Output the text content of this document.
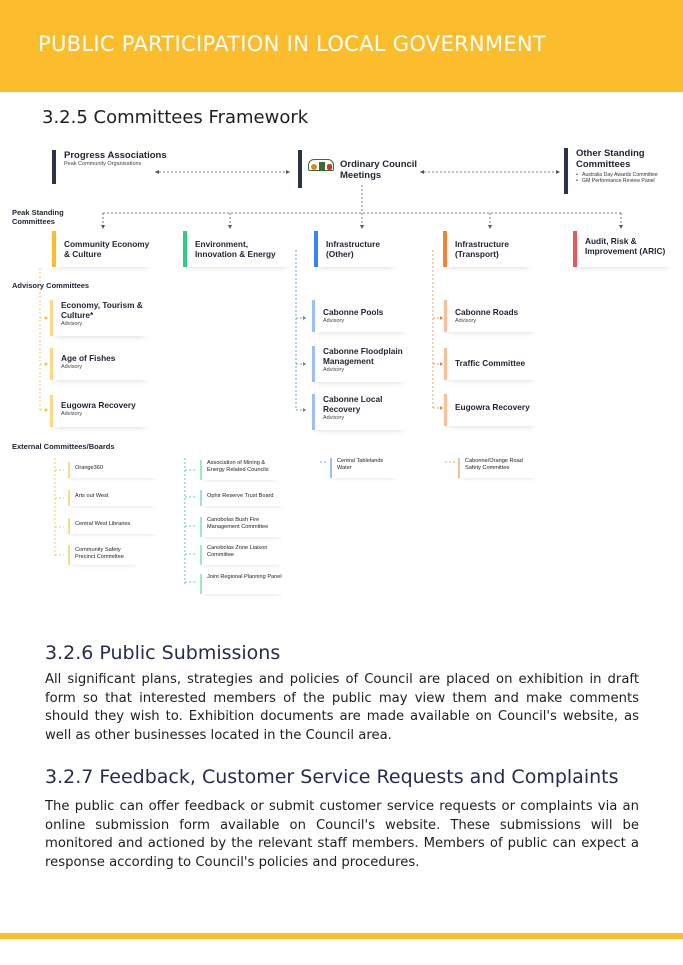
PUBLIC PARTICIPATION IN LOCAL GOVERNMENT
3.2.5 Committees Framework
Progress Associations
Peak Community Organisations	Ordinary Council Meetings
Other Standing Committees
• Australia Day Awards Committee
• GM Performance Review Panel
Peak Standing Committees
Advisory Committees
External Committees/Boards
Community Economy & Culture
Environment, Innovation & Energy
Infrastructure (Other)
Infrastructure (Transport)
Audit, Risk & Improvement (ARIC)
Economy, Tourism & Culture*
Advisory
Age of Fishes
Advisory
Eugowra Recovery
Advisory
Cabonne Pools
Advisory
Cabonne Floodplain Management
Advisory
Cabonne Local Recovery
Advisory
Cabonne Roads
Advisory
Traffic Committee
Eugowra Recovery
Orange360
Arts out West
Central West Libraries
Community Safety Precinct Committee
Association of Mining & Energy Related Councils
Ophir Reserve Trust Board
Canobolas Bush Fire Management Committee
Canobolas Zone Liaison Committee
Joint Regional Planning Panel
Central Tablelands Water
Cabonne/Orange Road Safety Committee
3.2.6 Public Submissions

All significant plans, strategies and policies of Council are placed on exhibition in draft form so that interested members of the public may view them and make comments should they wish to. Exhibition documents are made available on Council's website, as well as other businesses located in the Council area.

3.2.7 Feedback, Customer Service Requests and Complaints

The public can offer feedback or submit customer service requests or complaints via an online submission form available on Council's website. These submissions will be monitored and actioned by the relevant staff members. Members of public can expect a response according to Council's policies and procedures.
